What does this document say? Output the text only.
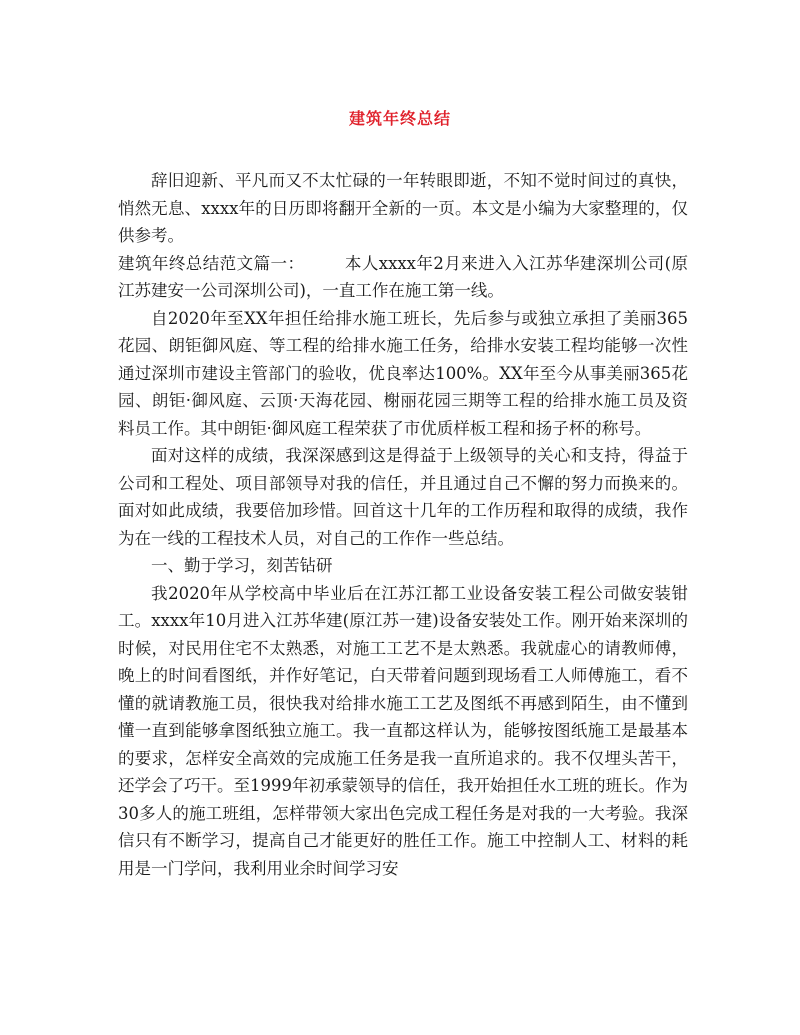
建筑年终总结

辞旧迎新、平凡而又不太忙碌的一年转眼即逝，不知不觉时间过的真快，悄然无息、xxxx年的日历即将翻开全新的一页。本文是小编为大家整理的，仅供参考。

建筑年终总结范文篇一： 本人xxxx年2月来进入入江苏华建深圳公司(原江苏建安一公司深圳公司)，一直工作在施工第一线。

自2020年至XX年担任给排水施工班长，先后参与或独立承担了美丽365花园、朗钜御风庭、等工程的给排水施工任务，给排水安装工程均能够一次性通过深圳市建设主管部门的验收，优良率达100%。XX年至今从事美丽365花园、朗钜·御风庭、云顶·天海花园、榭丽花园三期等工程的给排水施工员及资料员工作。其中朗钜·御风庭工程荣获了市优质样板工程和扬子杯的称号。

面对这样的成绩，我深深感到这是得益于上级领导的关心和支持，得益于公司和工程处、项目部领导对我的信任，并且通过自己不懈的努力而换来的。面对如此成绩，我要倍加珍惜。回首这十几年的工作历程和取得的成绩，我作为在一线的工程技术人员，对自己的工作作一些总结。

一、勤于学习，刻苦钻研

我2020年从学校高中毕业后在江苏江都工业设备安装工程公司做安装钳工。xxxx年10月进入江苏华建(原江苏一建)设备安装处工作。刚开始来深圳的时候，对民用住宅不太熟悉，对施工工艺不是太熟悉。我就虚心的请教师傅，晚上的时间看图纸，并作好笔记，白天带着问题到现场看工人师傅施工，看不懂的就请教施工员，很快我对给排水施工工艺及图纸不再感到陌生，由不懂到懂一直到能够拿图纸独立施工。我一直都这样认为，能够按图纸施工是最基本的要求，怎样安全高效的完成施工任务是我一直所追求的。我不仅埋头苦干，还学会了巧干。至1999年初承蒙领导的信任，我开始担任水工班的班长。作为30多人的施工班组，怎样带领大家出色完成工程任务是对我的一大考验。我深信只有不断学习，提高自己才能更好的胜任工作。施工中控制人工、材料的耗用是一门学问，我利用业余时间学习安
